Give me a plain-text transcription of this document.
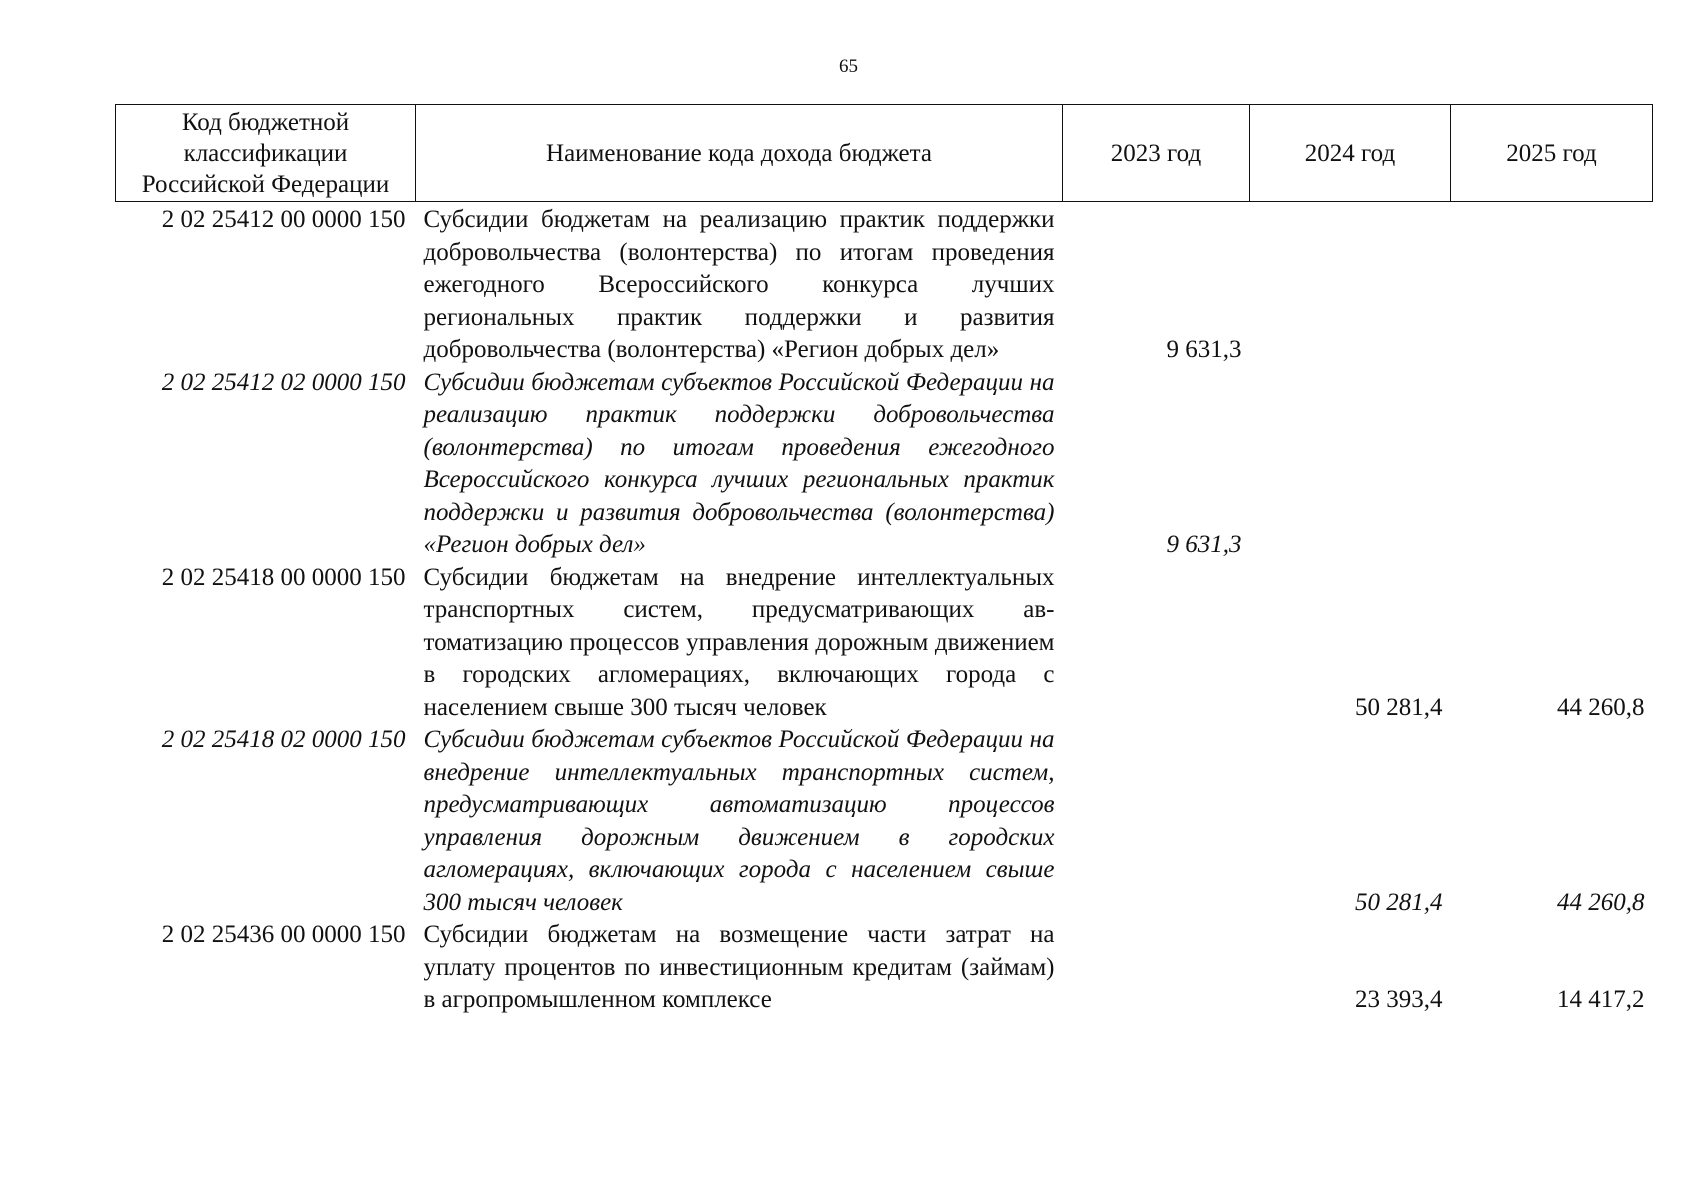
65
Код бюджетной классификации Российской Федерации	Наименование кода дохода бюджета	2023 год	2024 год	2025 год
2 02 25412 00 0000 150	Субсидии бюджетам на реализацию практик поддержки добровольчества (волонтерства) по итогам проведения ежегодного Всероссийского конкурса лучших региональных практик поддержки и развития добровольчества (волонтерства) «Регион добрых дел»	9 631,3		
2 02 25412 02 0000 150	Субсидии бюджетам субъектов Российской Федерации на реализацию практик поддержки добровольчества (волонтерства) по итогам проведения ежегодного Всероссийского конкурса лучших региональных практик поддержки и развития добровольчества (волонтерства) «Регион добрых дел»	9 631,3		
2 02 25418 00 0000 150	Субсидии бюджетам на внедрение интеллектуальных транспортных систем, предусматривающих автоматизацию процессов управления дорожным движением в городских агломерациях, включающих города с населением свыше 300 тысяч человек		50 281,4	44 260,8
2 02 25418 02 0000 150	Субсидии бюджетам субъектов Российской Федерации на внедрение интеллектуальных транспортных систем, предусматривающих автоматизацию процессов управления дорожным движением в городских агломерациях, включающих города с населением свыше 300 тысяч человек		50 281,4	44 260,8
2 02 25436 00 0000 150	Субсидии бюджетам на возмещение части затрат на уплату процентов по инвестиционным кредитам (займам) в агропромышленном комплексе		23 393,4	14 417,2
